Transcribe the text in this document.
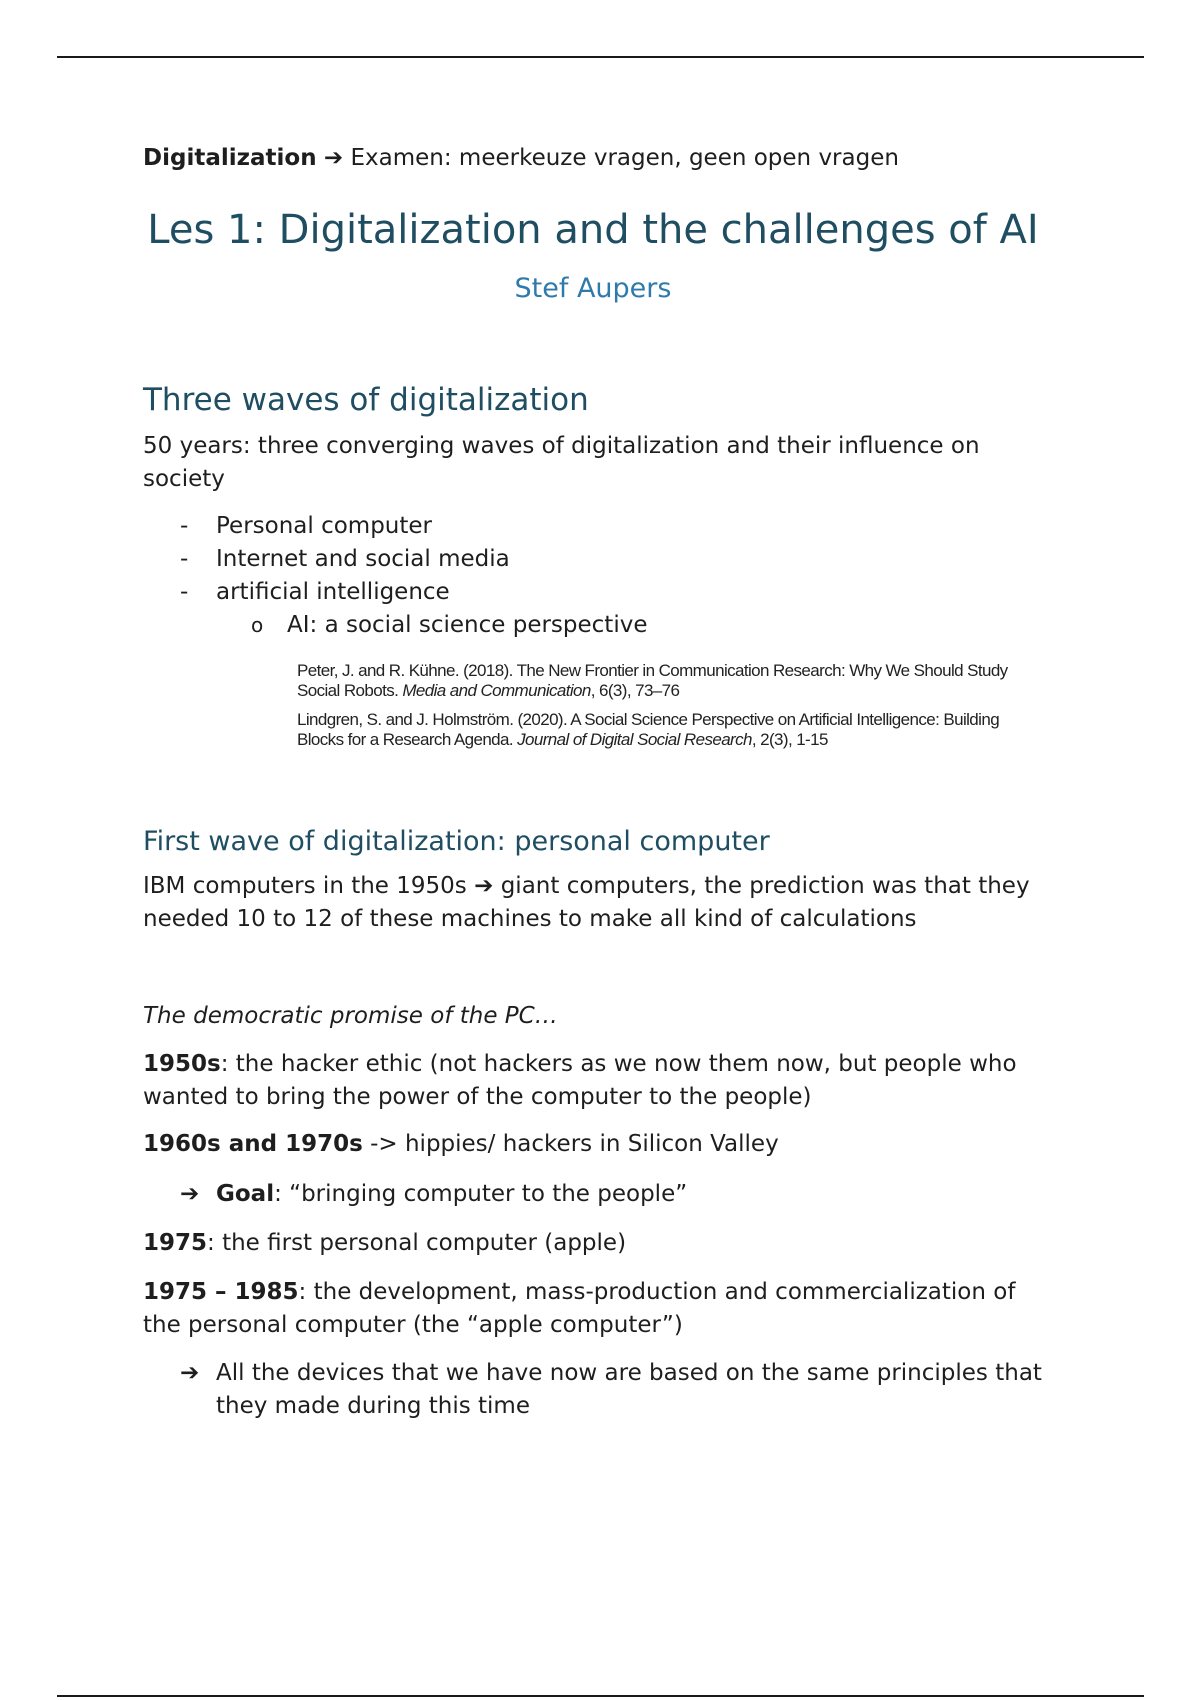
Digitalization ➔ Examen: meerkeuze vragen, geen open vragen
Les 1: Digitalization and the challenges of AI
Stef Aupers
Three waves of digitalization
50 years: three converging waves of digitalization and their influence on society
- Personal computer
- Internet and social media
- artificial intelligence
o AI: a social science perspective
Peter, J. and R. Kühne. (2018). The New Frontier in Communication Research: Why We Should Study Social Robots. Media and Communication, 6(3), 73–76
Lindgren, S. and J. Holmström. (2020). A Social Science Perspective on Artificial Intelligence: Building Blocks for a Research Agenda. Journal of Digital Social Research, 2(3), 1-15
First wave of digitalization: personal computer
IBM computers in the 1950s ➔ giant computers, the prediction was that they needed 10 to 12 of these machines to make all kind of calculations
The democratic promise of the PC…
1950s: the hacker ethic (not hackers as we now them now, but people who wanted to bring the power of the computer to the people)
1960s and 1970s -> hippies/ hackers in Silicon Valley
➔ Goal: “bringing computer to the people”
1975: the first personal computer (apple)
1975 – 1985: the development, mass-production and commercialization of the personal computer (the “apple computer”)
➔ All the devices that we have now are based on the same principles that they made during this time
